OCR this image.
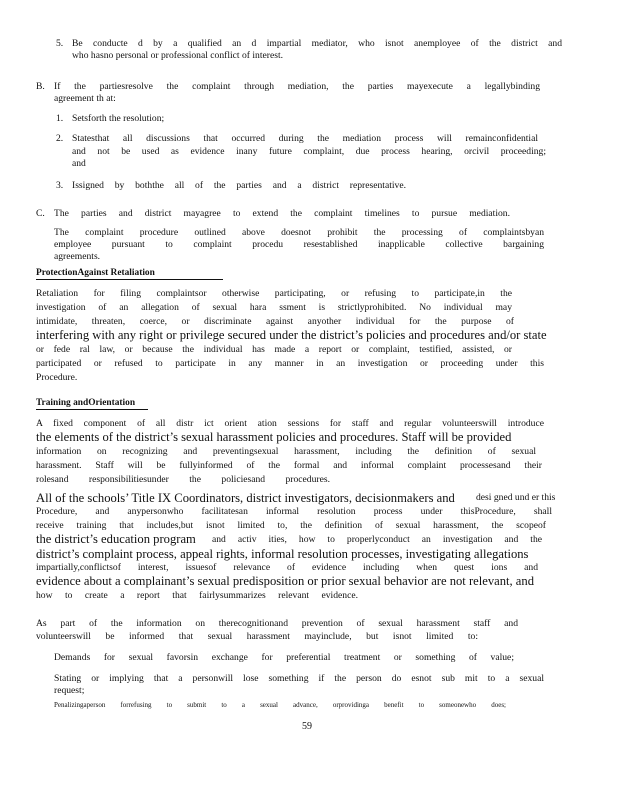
5. Be conducte d by a qualified an d impartial mediator, who isnot anemployee of the district and
who hasno personal or professional conflict of interest.
B. If the partiesresolve the complaint through mediation, the parties mayexecute a legallybinding
agreement th at:
1. Setsforth the resolution;
2. Statesthat all discussions that occurred during the mediation process will remainconfidential
and not be used as evidence inany future complaint, due process hearing, orcivil proceeding;
and
3. Issigned by boththe all of the parties and a district representative.
C. The parties and district mayagree to extend the complaint timelines to pursue mediation.
The complaint procedure outlined above doesnot prohibit the processing of complaintsbyan
employee pursuant to complaint procedu resestablished inapplicable collective bargaining
agreements.
ProtectionAgainst Retaliation
Retaliation for filing complaintsor otherwise participating, or refusing to participate,in the
investigation of an allegation of sexual hara ssment is strictlyprohibited. No individual may
intimidate, threaten, coerce, or discriminate against anyother individual for the purpose of
interfering with any right or privilege secured under the district’s policies and procedures and/or state
or fede ral law, or because the individual has made a report or complaint, testified, assisted, or
participated or refused to participate in any manner in an investigation or proceeding under this
Procedure.
Training andOrientation
A fixed component of all distr ict orient ation sessions for staff and regular volunteerswill introduce
the elements of the district’s sexual harassment policies and procedures. Staff will be provided
information on recognizing and preventingsexual harassment, including the definition of sexual
harassment. Staff will be fullyinformed of the formal and informal complaint processesand their
rolesand responsibilitiesunder the policiesand procedures.
All of the schools’ Title IX Coordinators, district investigators, decisionmakers and desi gned und er this
Procedure, and anypersonwho facilitatesan informal resolution process under thisProcedure, shall
receive training that includes,but isnot limited to, the definition of sexual harassment, the scopeof
the district’s education program and activ ities, how to properlyconduct an investigation and the
district’s complaint process, appeal rights, informal resolution processes, investigating allegations
impartially,conflictsof interest, issuesof relevance of evidence including when quest ions and
evidence about a complainant’s sexual predisposition or prior sexual behavior are not relevant, and
how to create a report that fairlysummarizes relevant evidence.
As part of the information on therecognitionand prevention of sexual harassment staff and
volunteerswill be informed that sexual harassment mayinclude, but isnot limited to:
Demands for sexual favorsin exchange for preferential treatment or something of value;
Stating or implying that a personwill lose something if the person do esnot sub mit to a sexual
request;
Penalizingaperson forrefusing to submit to a sexual advance, orprovidinga benefit to someonewho does;
59
